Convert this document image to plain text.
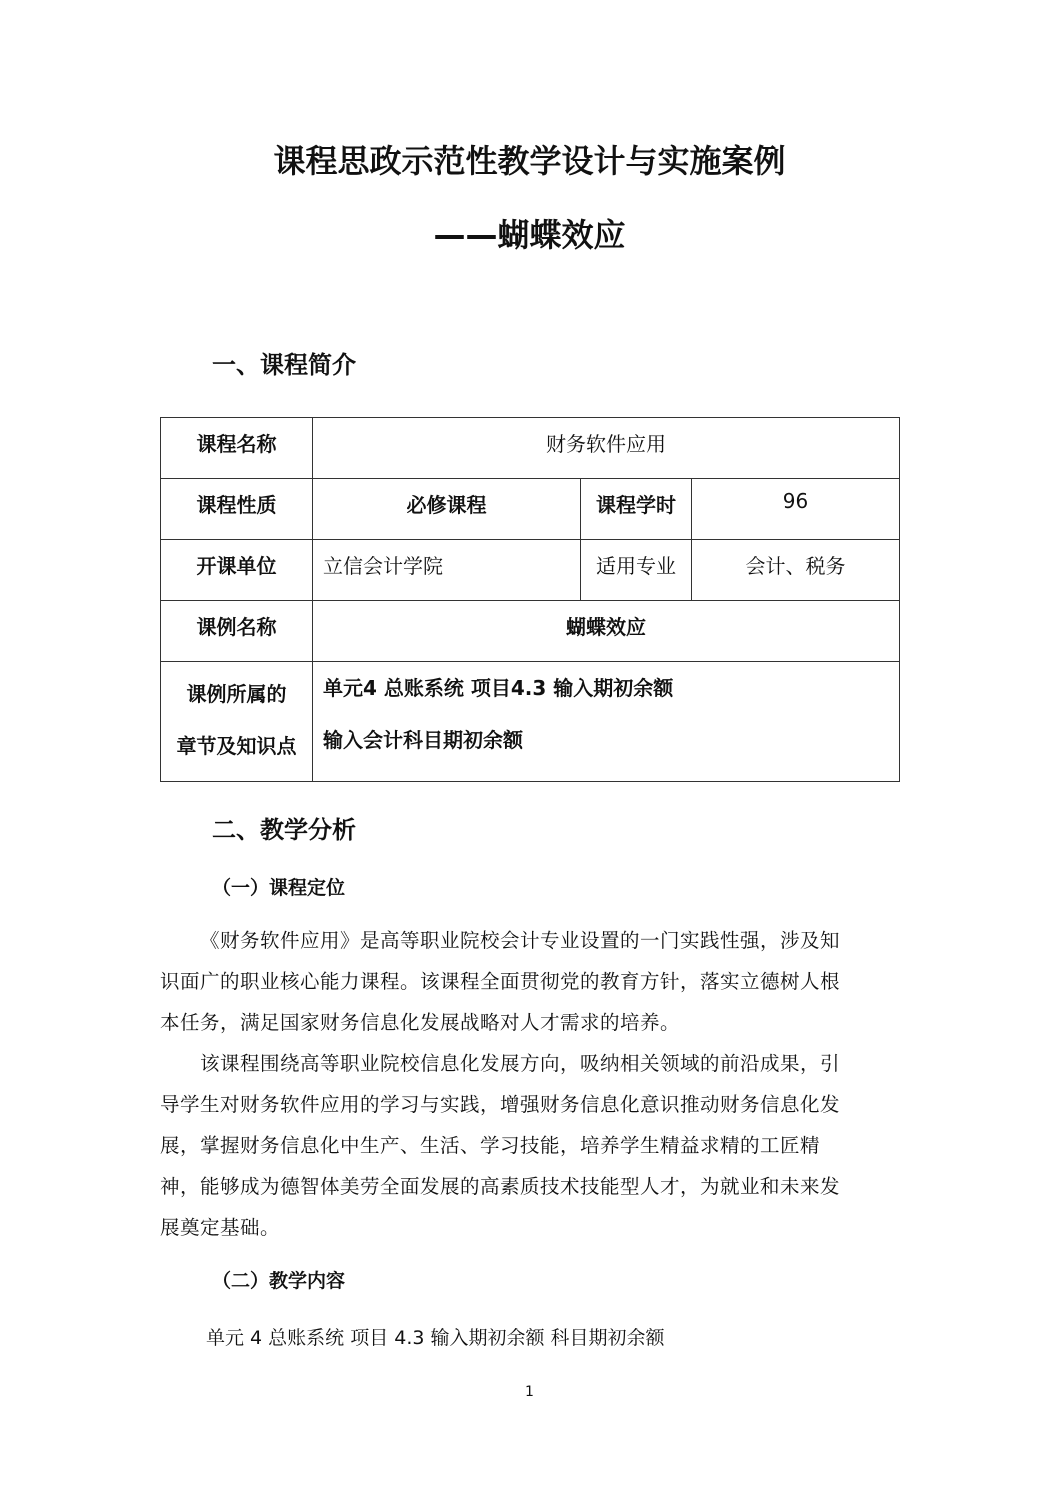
课程思政示范性教学设计与实施案例
——蝴蝶效应
一、课程简介
课程名称	财务软件应用		
课程性质	必修课程	课程学时	96
开课单位	立信会计学院	适用专业	会计、税务
课例名称	蝴蝶效应		

课例所属的
章节及知识点	单元4 总账系统 项目4.3 输入期初余额
输入会计科目期初余额		
二、教学分析
（一）课程定位

《财务软件应用》是高等职业院校会计专业设置的一门实践性强，涉及知
识面广的职业核心能力课程。该课程全面贯彻党的教育方针，落实立德树人根
本任务，满足国家财务信息化发展战略对人才需求的培养。

该课程围绕高等职业院校信息化发展方向，吸纳相关领域的前沿成果，引
导学生对财务软件应用的学习与实践，增强财务信息化意识推动财务信息化发
展，掌握财务信息化中生产、生活、学习技能，培养学生精益求精的工匠精
神，能够成为德智体美劳全面发展的高素质技术技能型人才，为就业和未来发
展奠定基础。

（二）教学内容
单元 4 总账系统 项目 4.3 输入期初余额 科目期初余额
1
